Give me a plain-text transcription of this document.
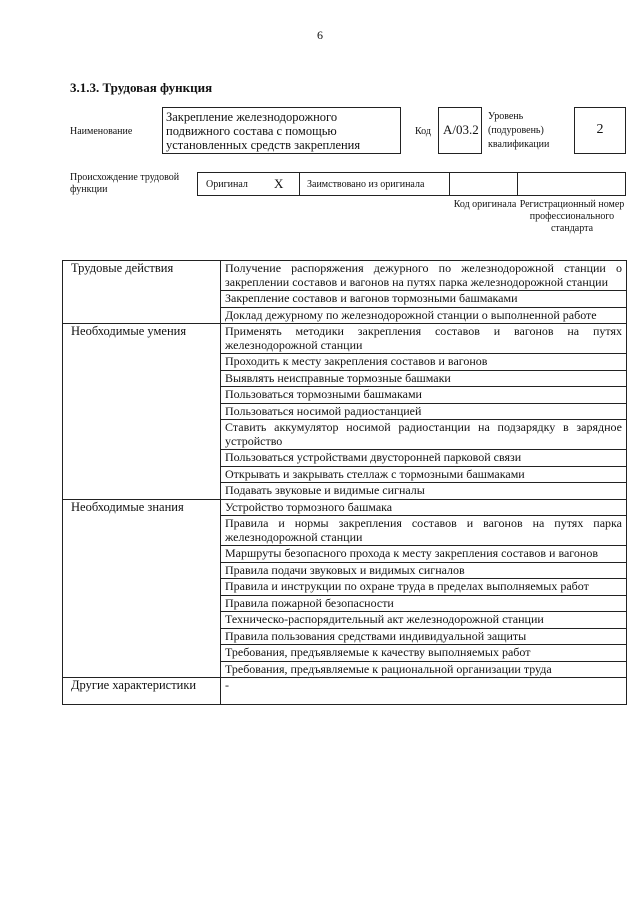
6
3.1.3. Трудовая функция
Наименование
Закрепление железнодорожного подвижного состава с помощью установленных средств закрепления
Код А/03.2
Уровень (подуровень) квалификации
2
Происхождение трудовой функции	Оригинал X Заимствовано из оригинала
Код оригинала Регистрационный номер профессионального стандарта
Трудовые действия	Получение распоряжения дежурного по железнодорожной станции о закреплении составов и вагонов на путях парка железнодорожной станции
	Закрепление составов и вагонов тормозными башмаками
	Доклад дежурному по железнодорожной станции о выполненной работе
Необходимые умения	Применять методики закрепления составов и вагонов на путях железнодорожной станции
	Проходить к месту закрепления составов и вагонов
	Выявлять неисправные тормозные башмаки
	Пользоваться тормозными башмаками
	Пользоваться носимой радиостанцией
	Ставить аккумулятор носимой радиостанции на подзарядку в зарядное устройство
	Пользоваться устройствами двусторонней парковой связи
	Открывать и закрывать стеллаж с тормозными башмаками
	Подавать звуковые и видимые сигналы
Необходимые знания	Устройство тормозного башмака
	Правила и нормы закрепления составов и вагонов на путях парка железнодорожной станции
	Маршруты безопасного прохода к месту закрепления составов и вагонов
	Правила подачи звуковых и видимых сигналов
	Правила и инструкции по охране труда в пределах выполняемых работ
	Правила пожарной безопасности
	Техническо-распорядительный акт железнодорожной станции
	Правила пользования средствами индивидуальной защиты
	Требования, предъявляемые к качеству выполняемых работ
	Требования, предъявляемые к рациональной организации труда
Другие характеристики	-
